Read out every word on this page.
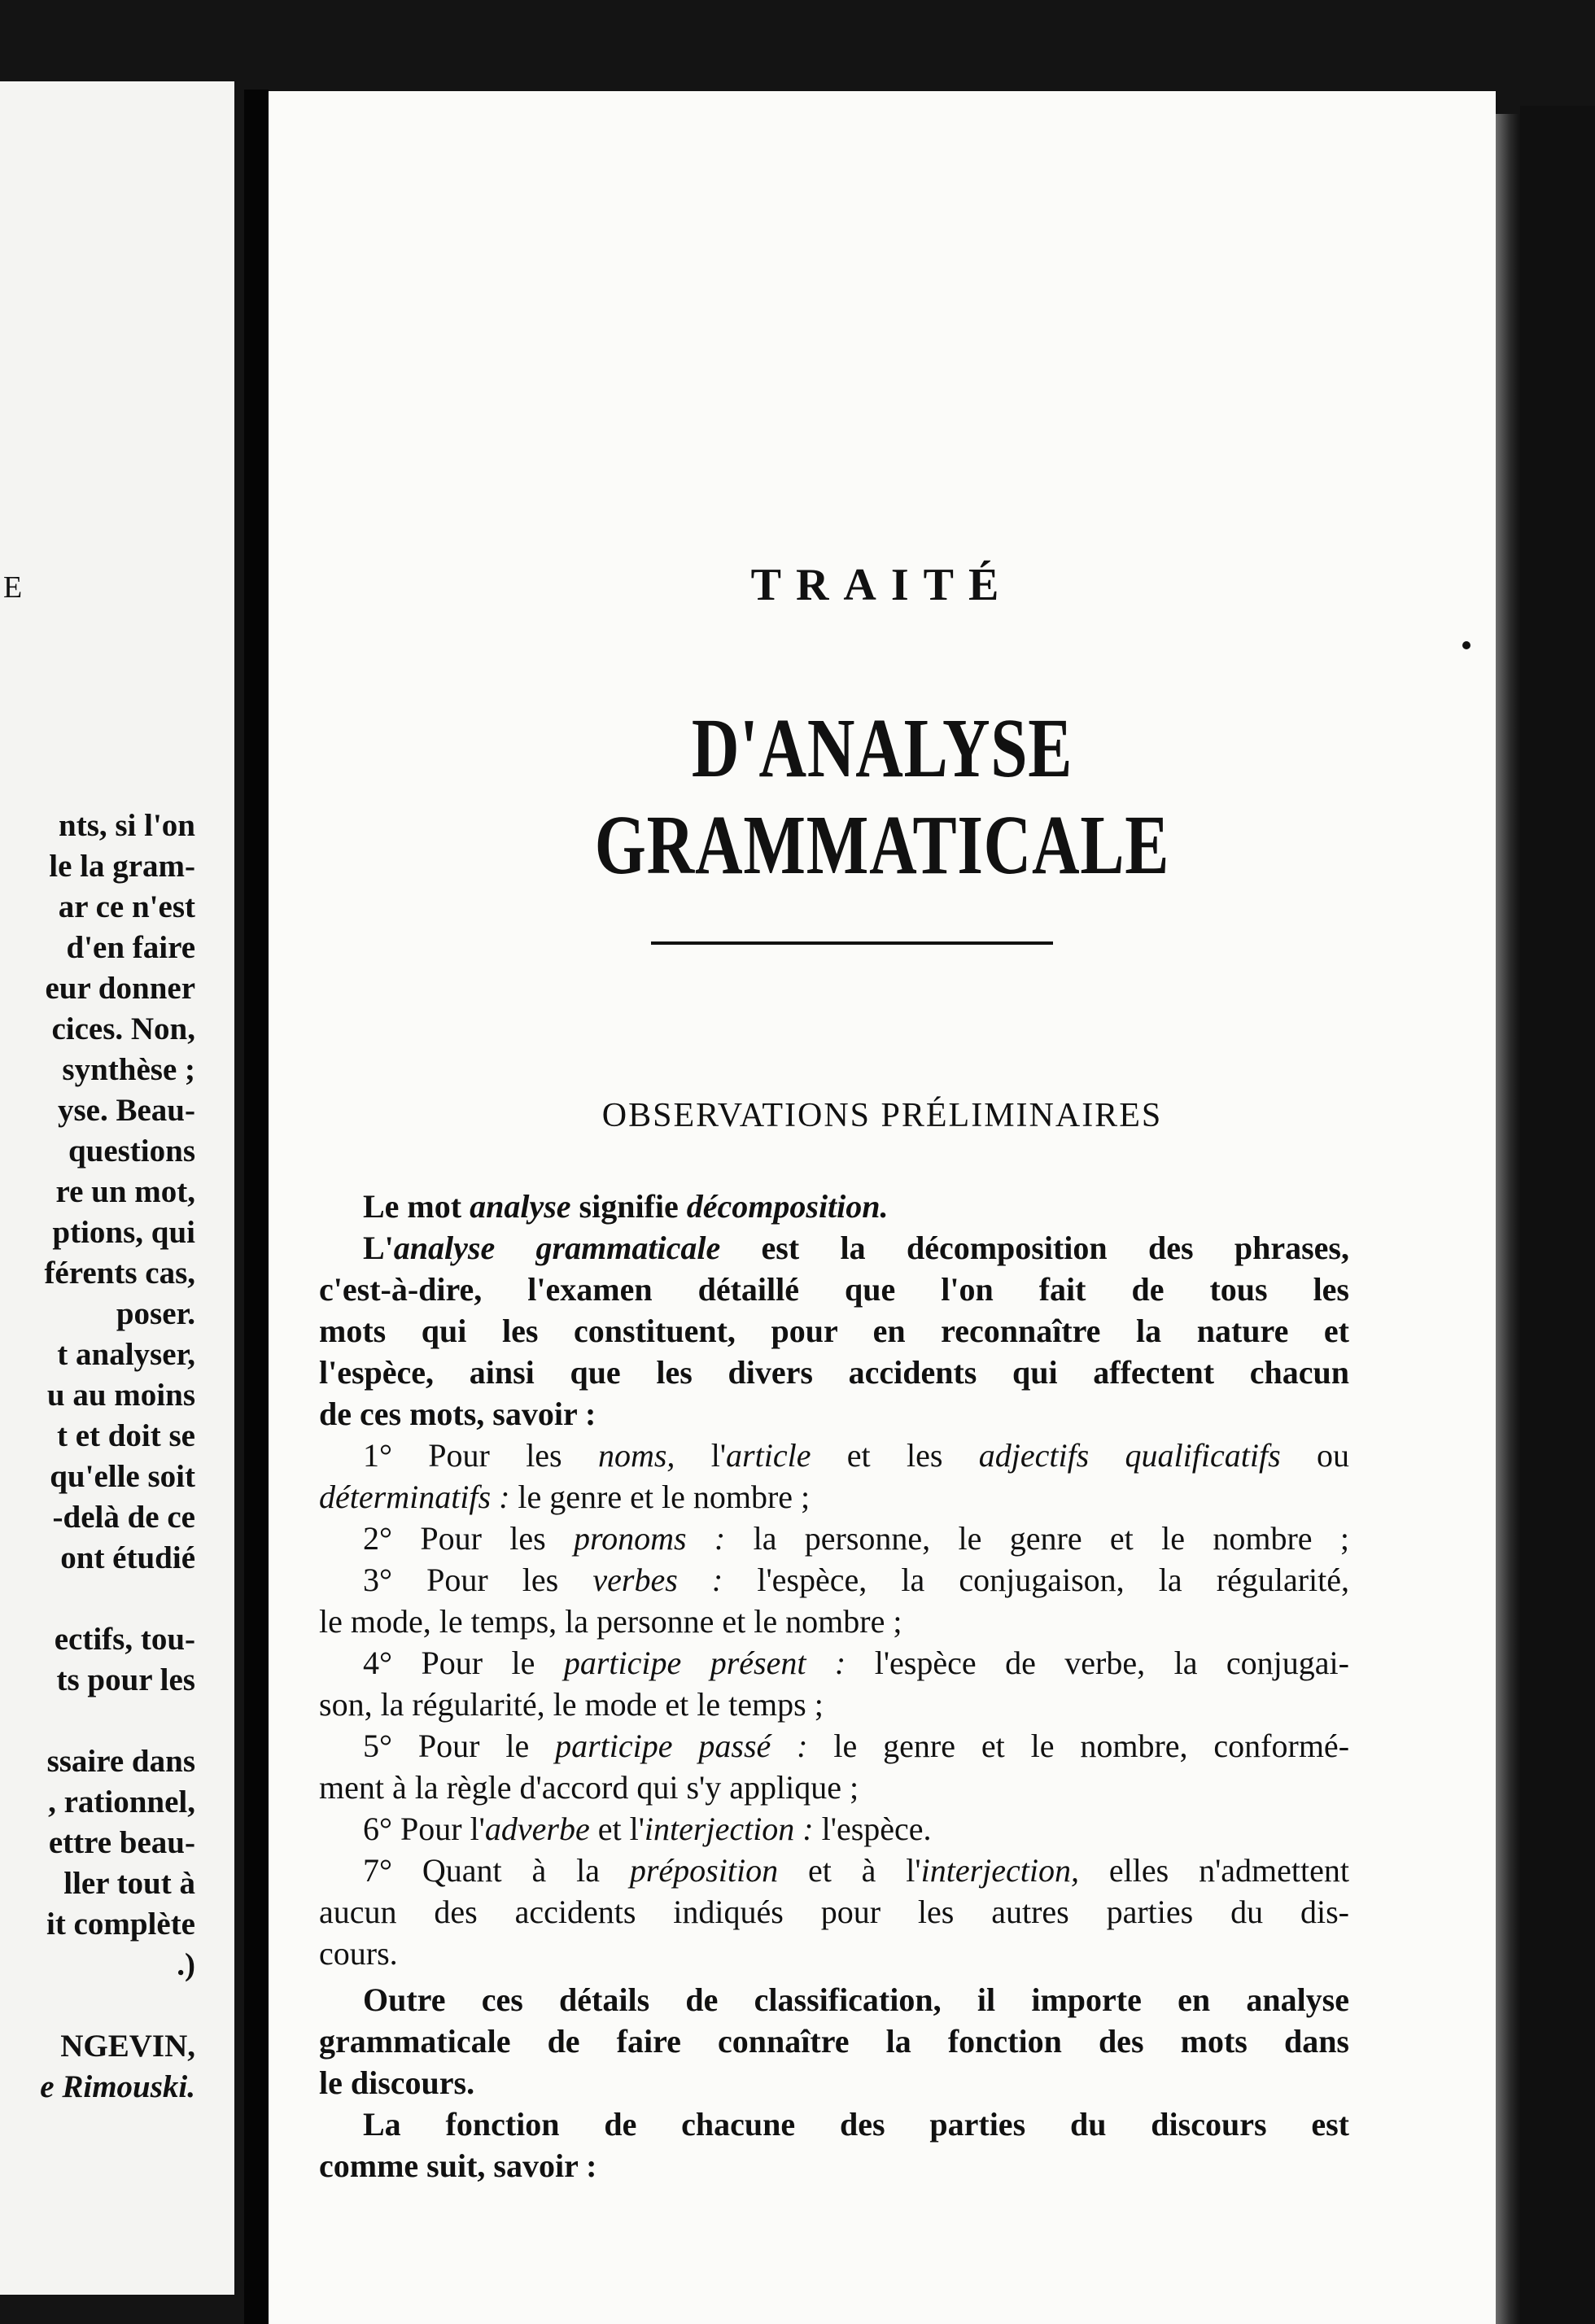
E
nts, si l'on
le la gram-
ar ce n'est
d'en faire
eur donner
cices. Non,
synthèse ;
yse. Beau-
questions
re un mot,
ptions, qui
férents cas,
poser.
t analyser,
u au moins
t et doit se
qu'elle soit
-delà de ce
ont étudié
ectifs, tou-
ts pour les
ssaire dans
, rationnel,
ettre beau-
ller tout à
it complète
.)
NGEVIN,
e Rimouski.
TRAITÉ
D'ANALYSE GRAMMATICALE
OBSERVATIONS PRÉLIMINAIRES
Le mot analyse signifie décomposition.
L'analyse grammaticale est la décomposition des phrases,
c'est-à-dire, l'examen détaillé que l'on fait de tous les
mots qui les constituent, pour en reconnaître la nature et
l'espèce, ainsi que les divers accidents qui affectent chacun
de ces mots, savoir :
1° Pour les noms, l'article et les adjectifs qualificatifs ou
déterminatifs : le genre et le nombre ;
2° Pour les pronoms : la personne, le genre et le nombre ;
3° Pour les verbes : l'espèce, la conjugaison, la régularité,
le mode, le temps, la personne et le nombre ;
4° Pour le participe présent : l'espèce de verbe, la conjugai-
son, la régularité, le mode et le temps ;
5° Pour le participe passé : le genre et le nombre, conformé-
ment à la règle d'accord qui s'y applique ;
6° Pour l'adverbe et l'interjection : l'espèce.
7° Quant à la préposition et à l'interjection, elles n'admettent
aucun des accidents indiqués pour les autres parties du dis-
cours.
Outre ces détails de classification, il importe en analyse
grammaticale de faire connaître la fonction des mots dans
le discours.
La fonction de chacune des parties du discours est
comme suit, savoir :
